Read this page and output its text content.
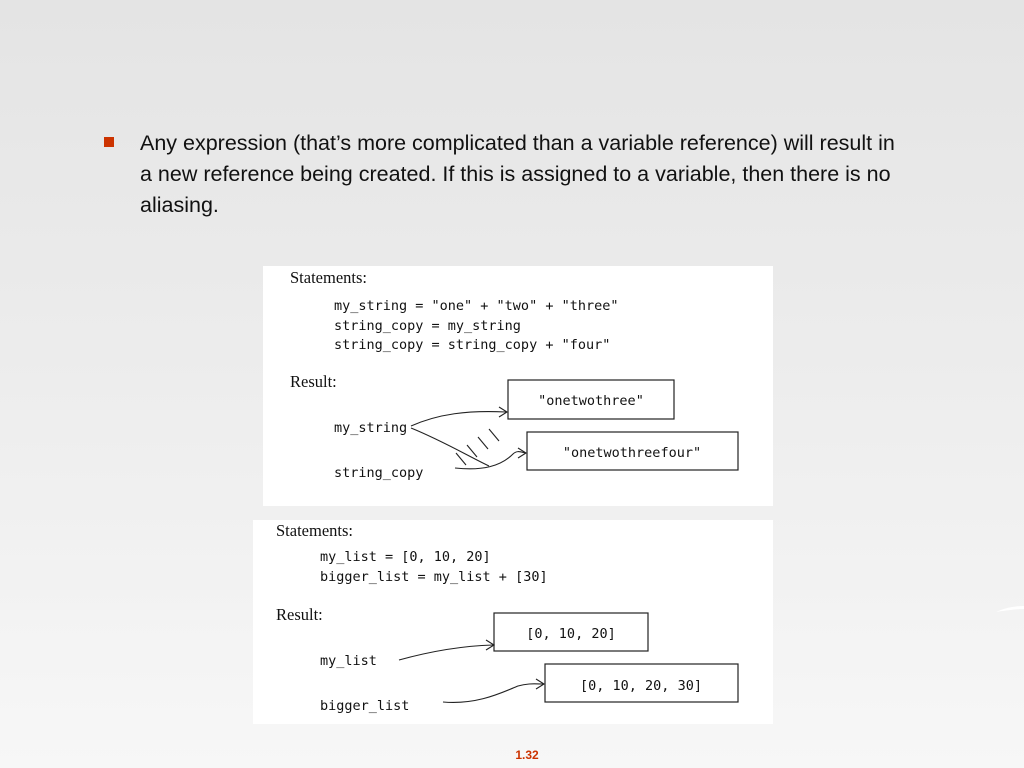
Any expression (that’s more complicated than a variable reference) will result in a new reference being created. If this is assigned to a variable, then there is no aliasing.
Statements:
my_string = "one" + "two" + "three"
string_copy = my_string
string_copy = string_copy + "four"
Result:
my_string
string_copy
"onetwothree"
"onetwothreefour"
Statements:
my_list = [0, 10, 20]
bigger_list = my_list + [30]
Result:
my_list
bigger_list
[0, 10, 20]
[0, 10, 20, 30]
1.32
